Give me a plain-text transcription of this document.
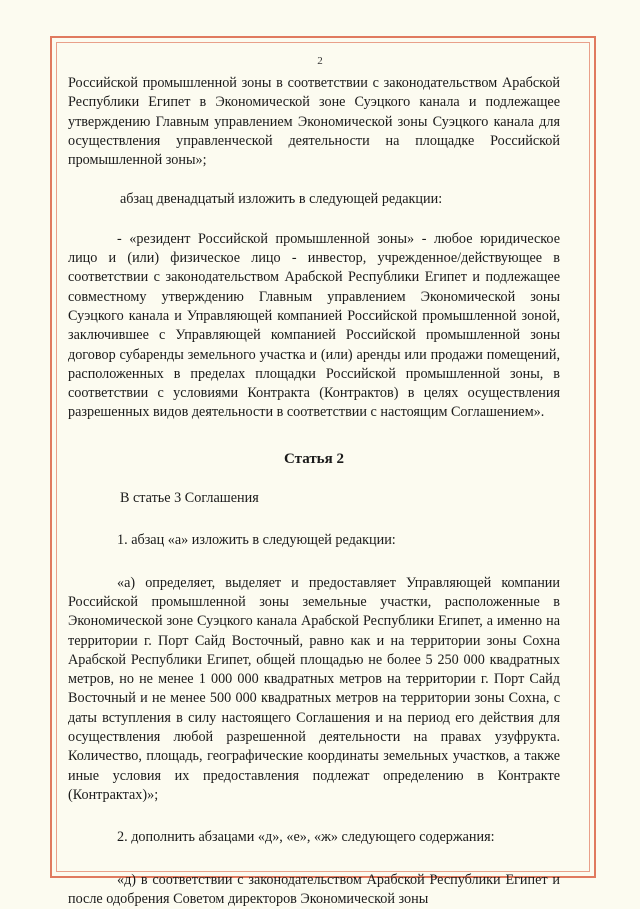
2

Российской промышленной зоны в соответствии с законодательством Арабской Республики Египет в Экономической зоне Суэцкого канала и подлежащее утверждению Главным управлением Экономической зоны Суэцкого канала для осуществления управленческой деятельности на площадке Российской промышленной зоны»;

абзац двенадцатый изложить в следующей редакции:

- «резидент Российской промышленной зоны» - любое юридическое лицо и (или) физическое лицо - инвестор, учрежденное/действующее в соответствии с законодательством Арабской Республики Египет и подлежащее совместному утверждению Главным управлением Экономической зоны Суэцкого канала и Управляющей компанией Российской промышленной зоной, заключившее с Управляющей компанией Российской промышленной зоны договор субаренды земельного участка и (или) аренды или продажи помещений, расположенных в пределах площадки Российской промышленной зоны, в соответствии с условиями Контракта (Контрактов) в целях осуществления разрешенных видов деятельности в соответствии с настоящим Соглашением».

Статья 2

В статье 3 Соглашения

1. абзац «а» изложить в следующей редакции:

«а) определяет, выделяет и предоставляет Управляющей компании Российской промышленной зоны земельные участки, расположенные в Экономической зоне Суэцкого канала Арабской Республики Египет, а именно на территории г. Порт Сайд Восточный, равно как и на территории зоны Сохна Арабской Республики Египет, общей площадью не более 5 250 000 квадратных метров, но не менее 1 000 000 квадратных метров на территории г. Порт Сайд Восточный и не менее 500 000 квадратных метров на территории зоны Сохна, с даты вступления в силу настоящего Соглашения и на период его действия для осуществления любой разрешенной деятельности на правах узуфрукта. Количество, площадь, географические координаты земельных участков, а также иные условия их предоставления подлежат определению в Контракте (Контрактах)»;

2. дополнить абзацами «д», «е», «ж» следующего содержания:

«д) в соответствии с законодательством Арабской Республики Египет и после одобрения Советом директоров Экономической зоны
